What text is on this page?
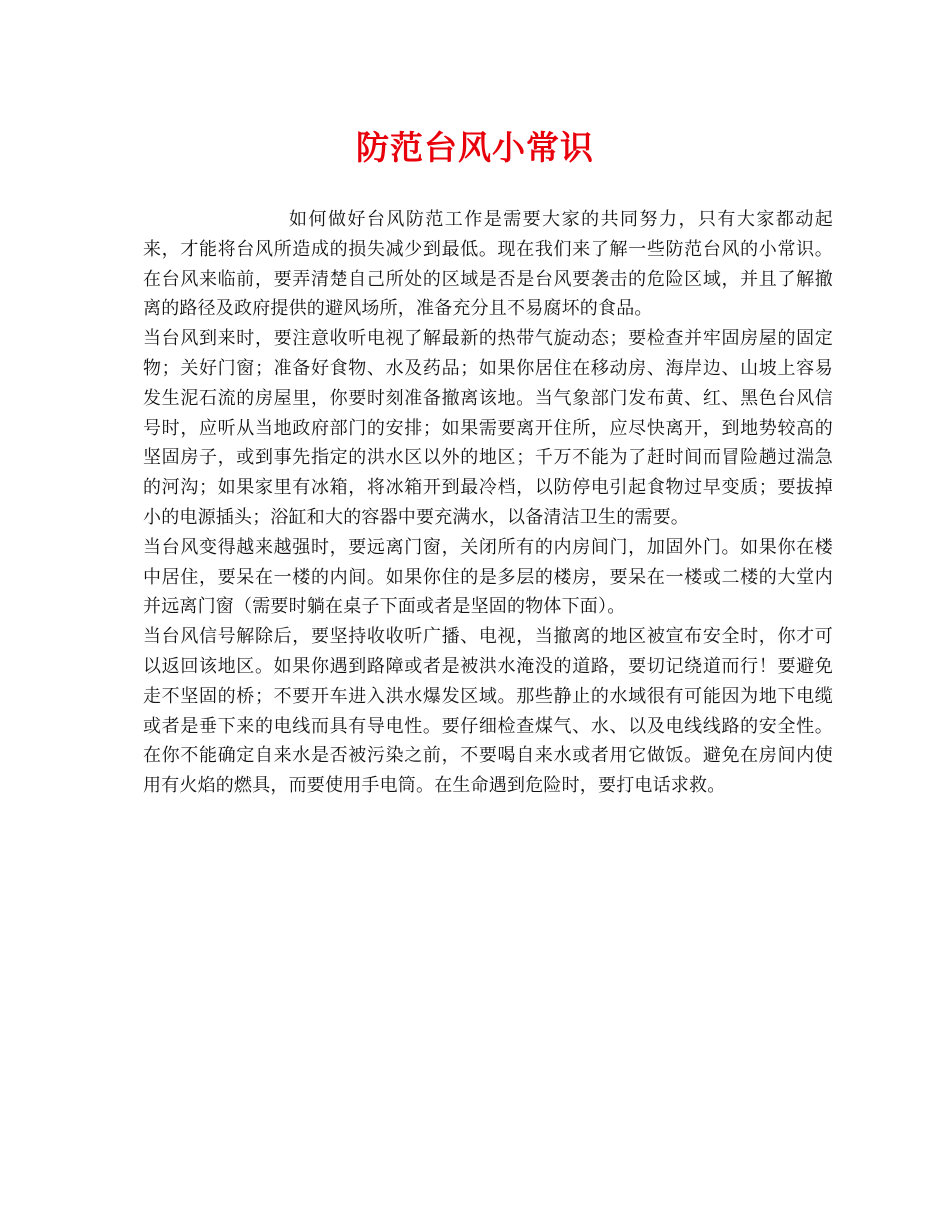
防范台风小常识

如何做好台风防范工作是需要大家的共同努力，只有大家都动起来，才能将台风所造成的损失减少到最低。现在我们来了解一些防范台风的小常识。在台风来临前，要弄清楚自己所处的区域是否是台风要袭击的危险区域，并且了解撤离的路径及政府提供的避风场所，准备充分且不易腐坏的食品。

当台风到来时，要注意收听电视了解最新的热带气旋动态；要检查并牢固房屋的固定物；关好门窗；准备好食物、水及药品；如果你居住在移动房、海岸边、山坡上容易发生泥石流的房屋里，你要时刻准备撤离该地。当气象部门发布黄、红、黑色台风信号时，应听从当地政府部门的安排；如果需要离开住所，应尽快离开，到地势较高的坚固房子，或到事先指定的洪水区以外的地区；千万不能为了赶时间而冒险趟过湍急的河沟；如果家里有冰箱，将冰箱开到最冷档，以防停电引起食物过早变质；要拔掉小的电源插头；浴缸和大的容器中要充满水，以备清洁卫生的需要。

当台风变得越来越强时，要远离门窗，关闭所有的内房间门，加固外门。如果你在楼中居住，要呆在一楼的内间。如果你住的是多层的楼房，要呆在一楼或二楼的大堂内并远离门窗（需要时躺在桌子下面或者是坚固的物体下面）。

当台风信号解除后，要坚持收收听广播、电视，当撤离的地区被宣布安全时，你才可以返回该地区。如果你遇到路障或者是被洪水淹没的道路，要切记绕道而行！要避免走不坚固的桥；不要开车进入洪水爆发区域。那些静止的水域很有可能因为地下电缆或者是垂下来的电线而具有导电性。要仔细检查煤气、水、以及电线线路的安全性。在你不能确定自来水是否被污染之前，不要喝自来水或者用它做饭。避免在房间内使用有火焰的燃具，而要使用手电筒。在生命遇到危险时，要打电话求救。
